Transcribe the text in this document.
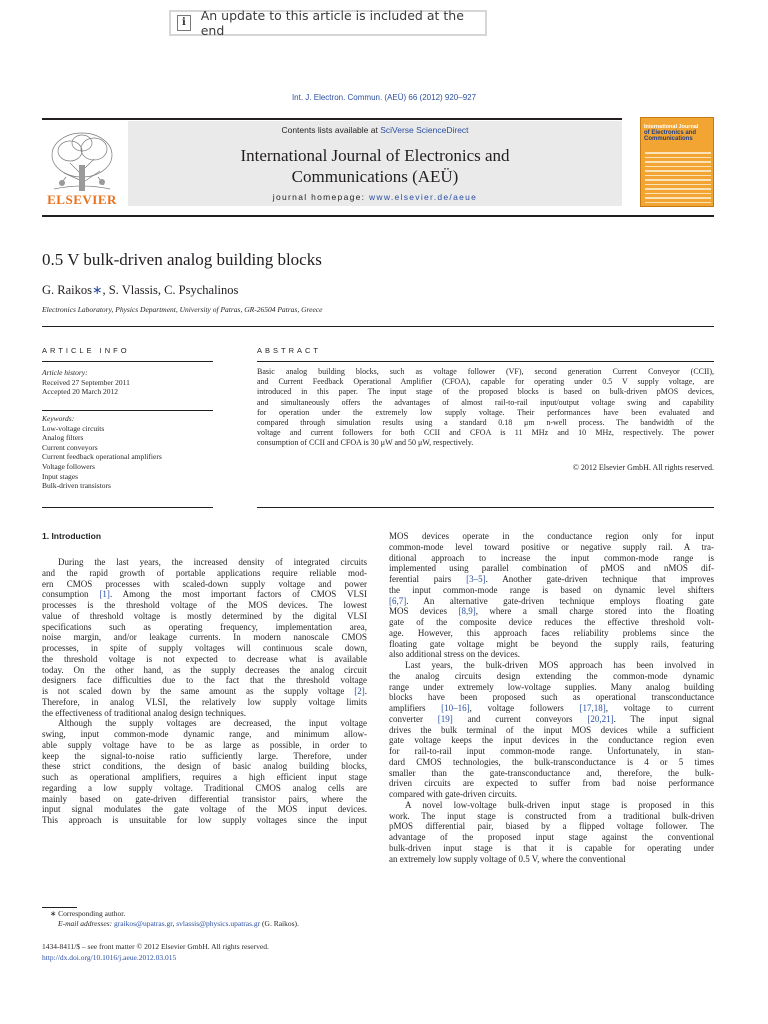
i	An update to this article is included at the end
Int. J. Electron. Commun. (AEÜ) 66 (2012) 920–927
ELSEVIER
Contents lists available at SciVerse ScienceDirect
International Journal of Electronics and
Communications (AEÜ)
journal homepage: www.elsevier.de/aeue
International Journal
of Electronics and
Communications
0.5 V bulk-driven analog building blocks
G. Raikos∗, S. Vlassis, C. Psychalinos
Electronics Laboratory, Physics Department, University of Patras, GR-26504 Patras, Greece
ARTICLE INFO	ABSTRACT
Article history:
Received 27 September 2011
Accepted 20 March 2012
Keywords:
Low-voltage circuits
Analog filters
Current conveyors
Current feedback operational amplifiers
Voltage followers
Input stages
Bulk-driven transistors
Basic analog building blocks, such as voltage follower (VF), second generation Current Conveyor (CCII),
and Current Feedback Operational Amplifier (CFOA), capable for operating under 0.5 V supply voltage, are
introduced in this paper. The input stage of the proposed blocks is based on bulk-driven pMOS devices,
and simultaneously offers the advantages of almost rail-to-rail input/output voltage swing and capability
for operation under the extremely low supply voltage. Their performances have been evaluated and
compared through simulation results using a standard 0.18 μm n-well process. The bandwidth of the
voltage and current followers for both CCII and CFOA is 11 MHz and 10 MHz, respectively. The power
consumption of CCII and CFOA is 30 μW and 50 μW, respectively.
© 2012 Elsevier GmbH. All rights reserved.
1. Introduction
During the last years, the increased density of integrated circuits
and the rapid growth of portable applications require reliable mod-
ern CMOS processes with scaled-down supply voltage and power
consumption [1]. Among the most important factors of CMOS VLSI
processes is the threshold voltage of the MOS devices. The lowest
value of threshold voltage is mostly determined by the digital VLSI
specifications such as operating frequency, implementation area,
noise margin, and/or leakage currents. In modern nanoscale CMOS
processes, in spite of supply voltages will continuous scale down,
the threshold voltage is not expected to decrease what is available
today. On the other hand, as the supply decreases the analog circuit
designers face difficulties due to the fact that the threshold voltage
is not scaled down by the same amount as the supply voltage [2].
Therefore, in analog VLSI, the relatively low supply voltage limits
the effectiveness of traditional analog design techniques.
Although the supply voltages are decreased, the input voltage
swing, input common-mode dynamic range, and minimum allow-
able supply voltage have to be as large as possible, in order to
keep the signal-to-noise ratio sufficiently large. Therefore, under
these strict conditions, the design of basic analog building blocks,
such as operational amplifiers, requires a high efficient input stage
regarding a low supply voltage. Traditional CMOS analog cells are
mainly based on gate-driven differential transistor pairs, where the
input signal modulates the gate voltage of the MOS input devices.
This approach is unsuitable for low supply voltages since the input
MOS devices operate in the conductance region only for input
common-mode level toward positive or negative supply rail. A tra-
ditional approach to increase the input common-mode range is
implemented using parallel combination of pMOS and nMOS dif-
ferential pairs [3–5]. Another gate-driven technique that improves
the input common-mode range is based on dynamic level shifters
[6,7]. An alternative gate-driven technique employs floating gate
MOS devices [8,9], where a small charge stored into the floating
gate of the composite device reduces the effective threshold volt-
age. However, this approach faces reliability problems since the
floating gate voltage might be beyond the supply rails, featuring
also additional stress on the devices.
Last years, the bulk-driven MOS approach has been involved in
the analog circuits design extending the common-mode dynamic
range under extremely low-voltage supplies. Many analog building
blocks have been proposed such as operational transconductance
amplifiers [10–16], voltage followers [17,18], voltage to current
converter [19] and current conveyors [20,21]. The input signal
drives the bulk terminal of the input MOS devices while a sufficient
gate voltage keeps the input devices in the conductance region even
for rail-to-rail input common-mode range. Unfortunately, in stan-
dard CMOS technologies, the bulk-transconductance is 4 or 5 times
smaller than the gate-transconductance and, therefore, the bulk-
driven circuits are expected to suffer from bad noise performance
compared with gate-driven circuits.
A novel low-voltage bulk-driven input stage is proposed in this
work. The input stage is constructed from a traditional bulk-driven
pMOS differential pair, biased by a flipped voltage follower. The
advantage of the proposed input stage against the conventional
bulk-driven input stage is that it is capable for operating under
an extremely low supply voltage of 0.5 V, where the conventional
∗ Corresponding author.
E-mail addresses: graikos@upatras.gr, svlassis@physics.upatras.gr (G. Raikos).
1434-8411/$ – see front matter © 2012 Elsevier GmbH. All rights reserved.
http://dx.doi.org/10.1016/j.aeue.2012.03.015
